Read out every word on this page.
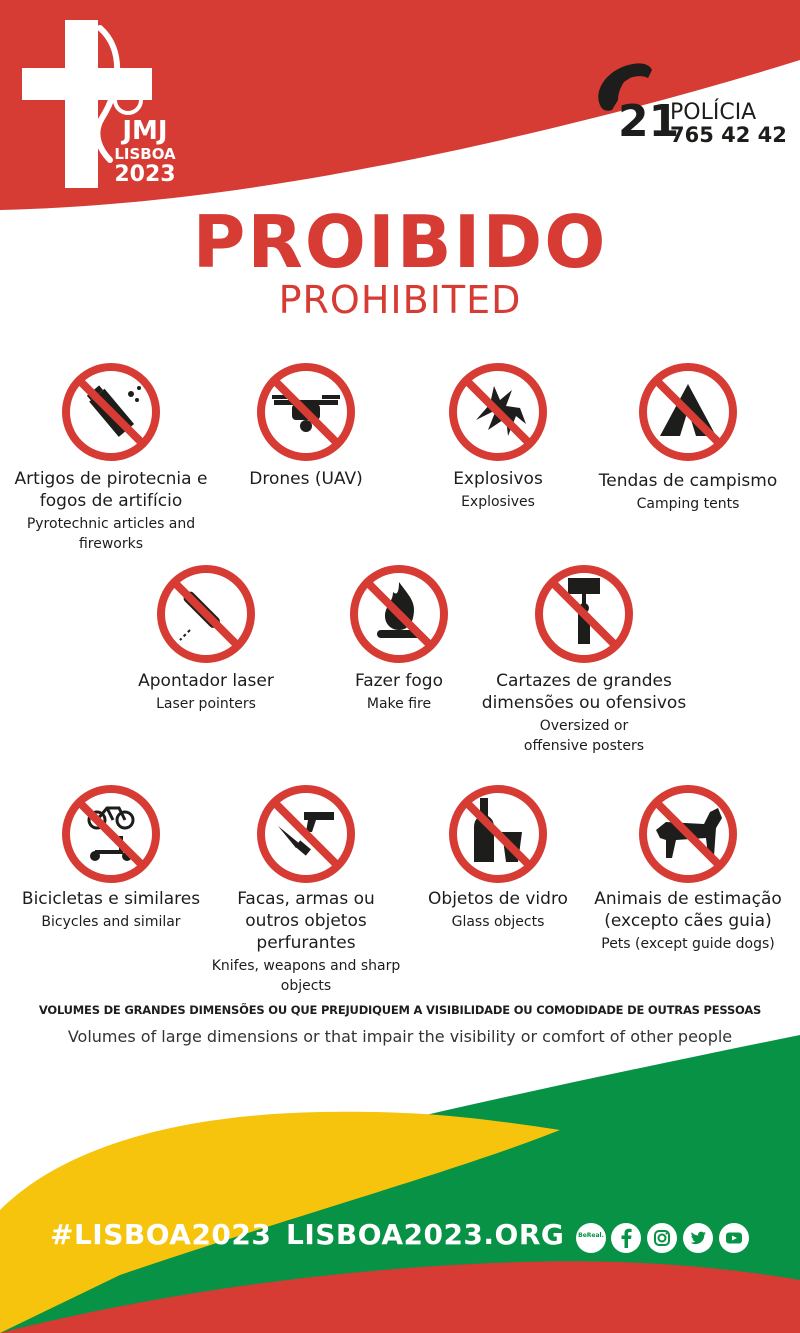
JMJ
LISBOA
2023
21
POLÍCIA
765 42 42
PROIBIDO
PROHIBITED
Artigos de pirotecnia e fogos de artifício
Pyrotechnic articles and fireworks
Drones (UAV)	Explosivos
Explosives
Tendas de campismo
Camping tents
Apontador laser
Laser pointers
Fazer fogo
Make fire
Cartazes de grandes dimensões ou ofensivos
Oversized or offensive posters
Bicicletas e similares
Bicycles and similar
Facas, armas ou outros objetos perfurantes
Knifes, weapons and sharp objects
Objetos de vidro
Glass objects
Animais de estimação (excepto cães guia)
Pets (except guide dogs)
VOLUMES DE GRANDES DIMENSÕES OU QUE PREJUDIQUEM A VISIBILIDADE OU COMODIDADE DE OUTRAS PESSOAS
Volumes of large dimensions or that impair the visibility or comfort of other people
#LISBOA2023 LISBOA2023.ORG	BeReal.
